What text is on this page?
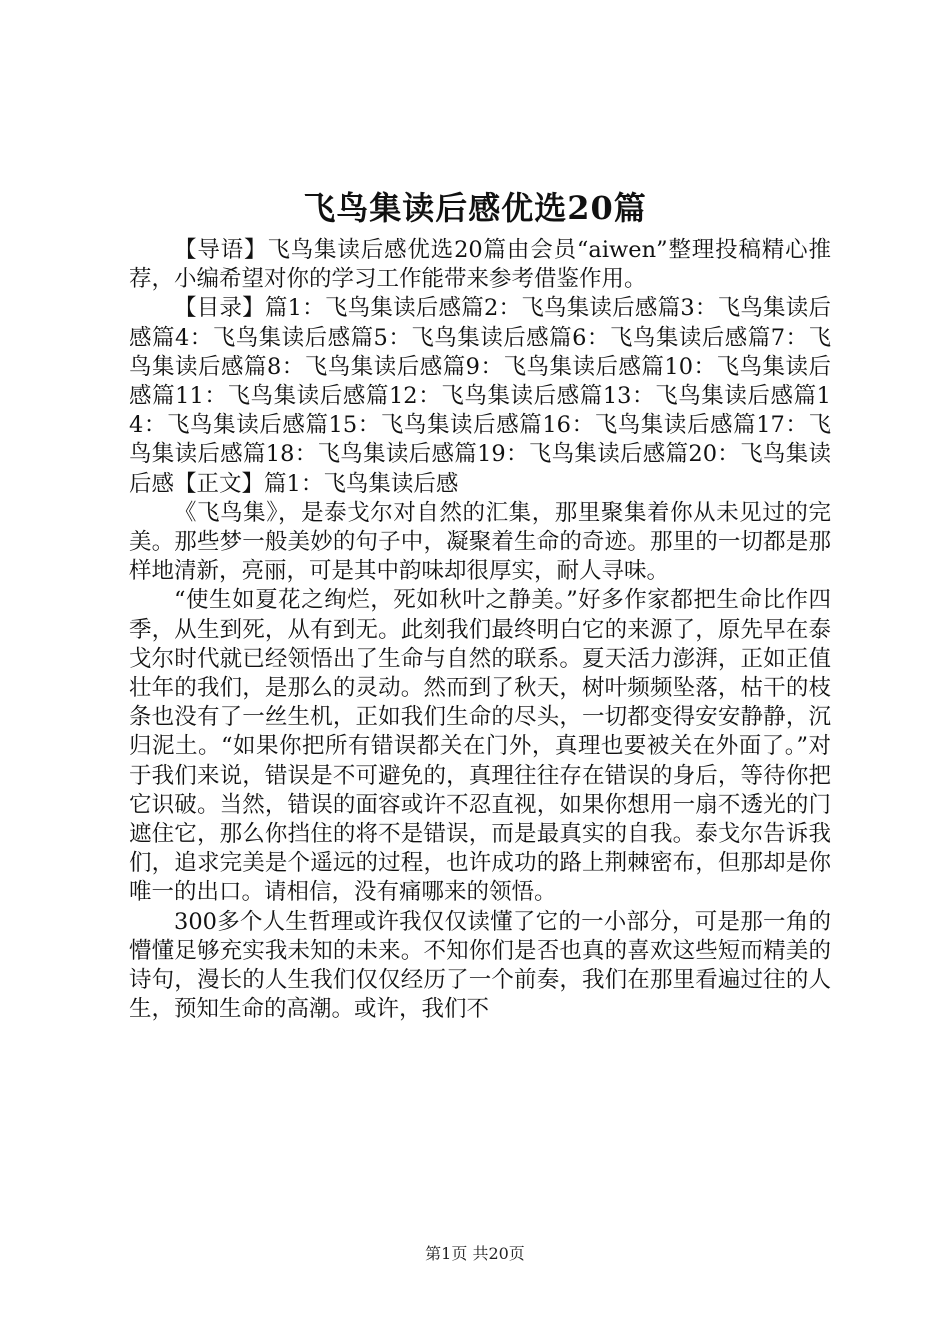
飞鸟集读后感优选20篇

【导语】飞鸟集读后感优选20篇由会员“aiwen”整理投稿精心推荐，小编希望对你的学习工作能带来参考借鉴作用。

【目录】篇1：飞鸟集读后感篇2：飞鸟集读后感篇3：飞鸟集读后感篇4：飞鸟集读后感篇5：飞鸟集读后感篇6：飞鸟集读后感篇7：飞鸟集读后感篇8：飞鸟集读后感篇9：飞鸟集读后感篇10：飞鸟集读后感篇11：飞鸟集读后感篇12：飞鸟集读后感篇13：飞鸟集读后感篇14：飞鸟集读后感篇15：飞鸟集读后感篇16：飞鸟集读后感篇17：飞鸟集读后感篇18：飞鸟集读后感篇19：飞鸟集读后感篇20：飞鸟集读后感【正文】篇1：飞鸟集读后感

《飞鸟集》，是泰戈尔对自然的汇集，那里聚集着你从未见过的完美。那些梦一般美妙的句子中，凝聚着生命的奇迹。那里的一切都是那样地清新，亮丽，可是其中韵味却很厚实，耐人寻味。

“使生如夏花之绚烂，死如秋叶之静美。”好多作家都把生命比作四季，从生到死，从有到无。此刻我们最终明白它的来源了，原先早在泰戈尔时代就已经领悟出了生命与自然的联系。夏天活力澎湃，正如正值壮年的我们，是那么的灵动。然而到了秋天，树叶频频坠落，枯干的枝条也没有了一丝生机，正如我们生命的尽头，一切都变得安安静静，沉归泥土。“如果你把所有错误都关在门外，真理也要被关在外面了。”对于我们来说，错误是不可避免的，真理往往存在错误的身后，等待你把它识破。当然，错误的面容或许不忍直视，如果你想用一扇不透光的门遮住它，那么你挡住的将不是错误，而是最真实的自我。泰戈尔告诉我们，追求完美是个遥远的过程，也许成功的路上荆棘密布，但那却是你唯一的出口。请相信，没有痛哪来的领悟。

300多个人生哲理或许我仅仅读懂了它的一小部分，可是那一角的懵懂足够充实我未知的未来。不知你们是否也真的喜欢这些短而精美的诗句，漫长的人生我们仅仅经历了一个前奏，我们在那里看遍过往的人生，预知生命的高潮。或许，我们不

第1页 共20页
